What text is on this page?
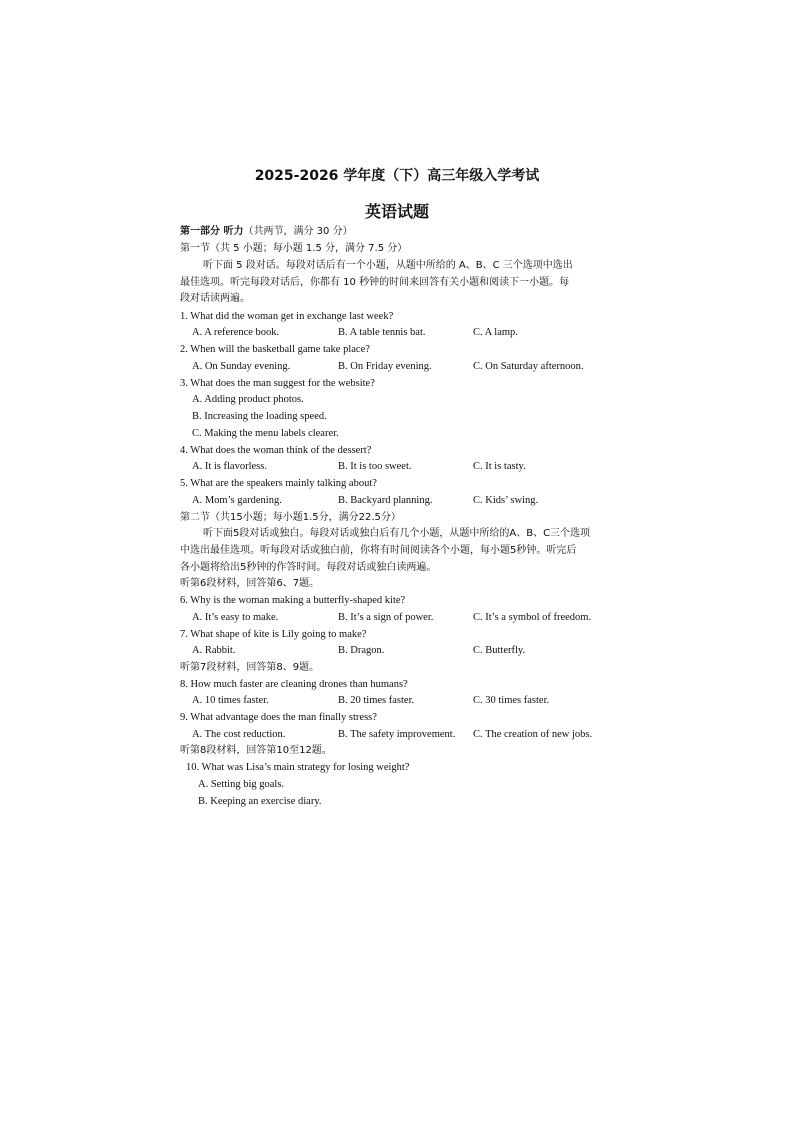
2025-2026 学年度（下）高三年级入学考试
英语试题
第一部分 听力（共两节，满分 30 分）
第一节（共 5 小题；每小题 1.5 分，满分 7.5 分）
听下面 5 段对话。每段对话后有一个小题，从题中所给的 A、B、C 三个选项中选出
最佳选项。听完每段对话后，你都有 10 秒钟的时间来回答有关小题和阅读下一小题。每
段对话读两遍。
1. What did the woman get in exchange last week?
A. A reference book.	B. A table tennis bat.	C. A lamp.
2. When will the basketball game take place?
A. On Sunday evening.	B. On Friday evening.	C. On Saturday afternoon.
3. What does the man suggest for the website?
A. Adding product photos.
B. Increasing the loading speed.
C. Making the menu labels clearer.
4. What does the woman think of the dessert?
A. It is flavorless.	B. It is too sweet.	C. It is tasty.
5. What are the speakers mainly talking about?
A. Mom’s gardening.	B. Backyard planning.	C. Kids’ swing.
第二节（共15小题；每小题1.5分，满分22.5分）
听下面5段对话或独白。每段对话或独白后有几个小题，从题中所给的A、B、C三个选项
中选出最佳选项。听每段对话或独白前，你将有时间阅读各个小题，每小题5秒钟。听完后
各小题将给出5秒钟的作答时间。每段对话或独白读两遍。
听第6段材料，回答第6、7题。
6. Why is the woman making a butterfly-shaped kite?
A. It’s easy to make.	B. It’s a sign of power.	C. It’s a symbol of freedom.
7. What shape of kite is Lily going to make?
A. Rabbit.	B. Dragon.	C. Butterfly.
听第7段材料，回答第8、9题。
8. How much faster are cleaning drones than humans?
A. 10 times faster.	B. 20 times faster.	C. 30 times faster.
9. What advantage does the man finally stress?
A. The cost reduction.	B. The safety improvement. C. The creation of new jobs.
听第8段材料，回答第10至12题。
10. What was Lisa’s main strategy for losing weight?
A. Setting big goals.
B. Keeping an exercise diary.
